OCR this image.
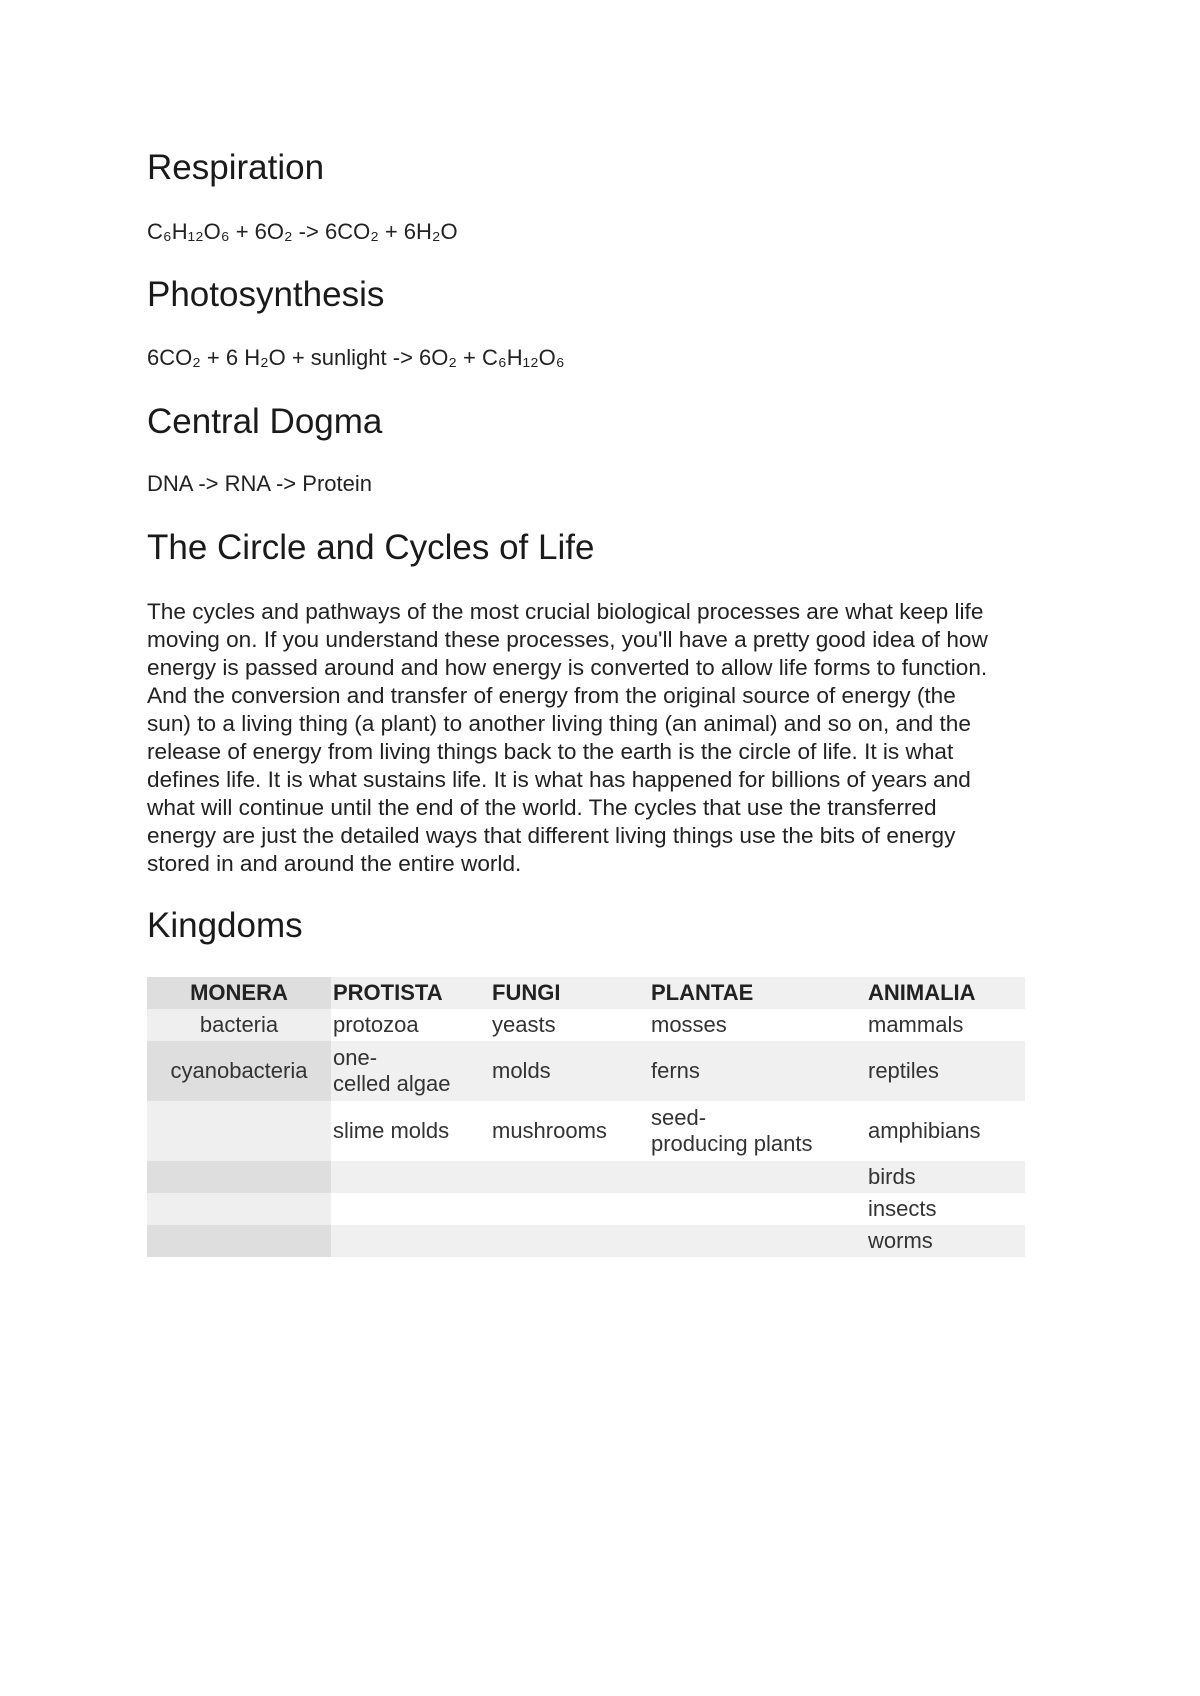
Respiration
C₆H₁₂O₆ + 6O₂ -> 6CO₂ + 6H₂O
Photosynthesis
6CO₂ + 6 H₂O + sunlight -> 6O₂ + C₆H₁₂O₆
Central Dogma
DNA -> RNA -> Protein
The Circle and Cycles of Life
The cycles and pathways of the most crucial biological processes are what keep life
moving on. If you understand these processes, you'll have a pretty good idea of how
energy is passed around and how energy is converted to allow life forms to function.
And the conversion and transfer of energy from the original source of energy (the
sun) to a living thing (a plant) to another living thing (an animal) and so on, and the
release of energy from living things back to the earth is the circle of life. It is what
defines life. It is what sustains life. It is what has happened for billions of years and
what will continue until the end of the world. The cycles that use the transferred
energy are just the detailed ways that different living things use the bits of energy
stored in and around the entire world.
Kingdoms
MONERA	PROTISTA	FUNGI	PLANTAE	ANIMALIA
bacteria	protozoa	yeasts	mosses	mammals
cyanobacteria	one-
celled algae	molds	ferns	reptiles
	slime molds	mushrooms	seed-
producing plants	amphibians
				birds
				insects
				worms
